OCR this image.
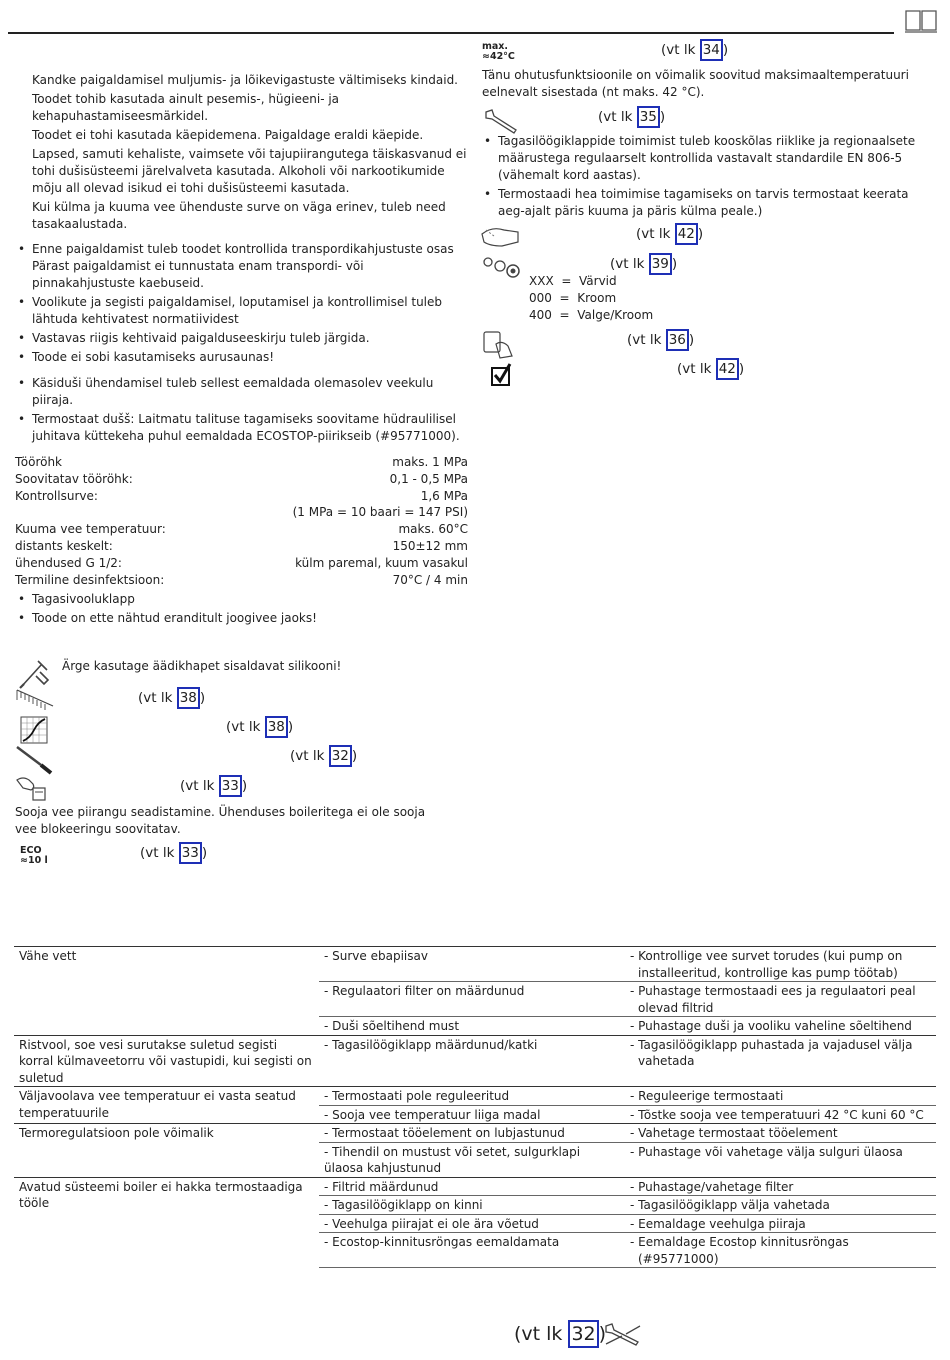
Kandke paigaldamisel muljumis- ja lõikevigastuste vältimiseks kindaid.

Toodet tohib kasutada ainult pesemis-, hügieeni- ja kehapuhastamiseesmärkidel.

Toodet ei tohi kasutada käepidemena. Paigaldage eraldi käepide.

Lapsed, samuti kehaliste, vaimsete või tajupiirangutega täiskasvanud ei tohi dušisüsteemi järelvalveta kasutada. Alkoholi või narkootikumide mõju all olevad isikud ei tohi dušisüsteemi kasutada.

Kui külma ja kuuma vee ühenduste surve on väga erinev, tuleb need tasakaalustada.

• Enne paigaldamist tuleb toodet kontrollida transpordikahjustuste osas Pärast paigaldamist ei tunnustata enam transpordi- või pinnakahjustuste kaebuseid.
• Voolikute ja segisti paigaldamisel, loputamisel ja kontrollimisel tuleb lähtuda kehtivatest normatiividest
• Vastavas riigis kehtivaid paigalduseeskirju tuleb järgida.
• Toode ei sobi kasutamiseks aurusaunas!
• Käsiduši ühendamisel tuleb sellest eemaldada olemasolev veekulu piiraja.
• Termostaat dušš: Laitmatu talituse tagamiseks soovitame hüdraulilisel juhitava küttekeha puhul eemaldada ECOSTOP-piirikseib (#95771000).
Tööröhk	maks. 1 MPa
Soovitatav tööröhk:	0,1 - 0,5 MPa
Kontrollsurve:	1,6 MPa
(1 MPa = 10 baari = 147 PSI)
Kuuma vee temperatuur:	maks. 60°C
distants keskelt:	150±12 mm
ühendused G 1/2:	külm paremal, kuum vasakul
Termiline desinfektsioon:	70°C / 4 min
• Tagasivooluklapp
• Toode on ette nähtud eranditult joogivee jaoks!
Ärge kasutage äädikhapet sisaldavat silikooni!
(vt lk 38 )
(vt lk 38 )
(vt lk 32 )
(vt lk 33 )
Sooja vee piirangu seadistamine. Ühenduses boileritega ei ole sooja vee blokeeringu soovitatav.
ECO
≈10 l	(vt lk 33 )
max.
≈42°C	(vt lk 34 )
Tänu ohutusfunktsioonile on võimalik soovitud maksimaaltemperatuuri eelnevalt sisestada (nt maks. 42 °C).
(vt lk 35 )
• Tagasilöögiklappide toimimist tuleb kooskõlas riiklike ja regionaalsete määrustega regulaarselt kontrollida vastavalt standardile EN 806-5 (vähemalt kord aastas).
• Termostaadi hea toimimise tagamiseks on tarvis termostaat keerata aeg-ajalt päris kuuma ja päris külma peale.)
(vt lk 42 )
(vt lk 39 )
XXX = Värvid
000 = Kroom
400 = Valge/Kroom
(vt lk 36 )
(vt lk 42 )
Vähe vett	- Surve ebapiisav	- Kontrollige vee survet torudes (kui pump on installeeritud, kontrollige kas pump töötab)
	- Regulaatori filter on määrdunud	- Puhastage termostaadi ees ja regulaatori peal olevad filtrid
	- Duši sõeltihend must	- Puhastage duši ja vooliku vaheline sõeltihend
Ristvool, soe vesi surutakse suletud segisti korral külmaveetorru või vastupidi, kui segisti on suletud	- Tagasilöögiklapp määrdunud/katki	- Tagasilöögiklapp puhastada ja vajadusel välja vahetada
Väljavoolava vee temperatuur ei vasta seatud temperatuurile	- Termostaati pole reguleeritud	- Reguleerige termostaati
	- Sooja vee temperatuur liiga madal	- Tõstke sooja vee temperatuuri 42 °C kuni 60 °C
Termoregulatsioon pole võimalik	- Termostaat tööelement on lubjastunud	- Vahetage termostaat tööelement
	- Tihendil on mustust või setet, sulgurklapi ülaosa kahjustunud	- Puhastage või vahetage välja sulguri ülaosa
Avatud süsteemi boiler ei hakka termostaadiga tööle	- Filtrid määrdunud	- Puhastage/vahetage filter
	- Tagasilöögiklapp on kinni	- Tagasilöögiklapp välja vahetada
	- Veehulga piirajat ei ole ära võetud	- Eemaldage veehulga piiraja
	- Ecostop-kinnitusröngas eemaldamata	- Eemaldage Ecostop kinnitusröngas (#95771000)
(vt lk 32 )
